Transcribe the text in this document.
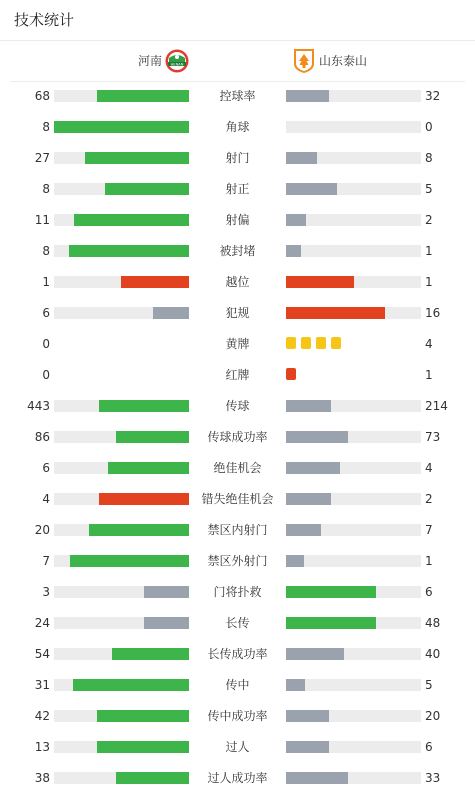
技术统计
河南 HENAN	山东泰山
68	控球率	32
8	角球	0
27	射门	8
8	射正	5
11	射偏	2
8	被封堵	1
1	越位	1
6	犯规	16
0	黄牌	4
0	红牌	1
443	传球	214
86	传球成功率	73
6	绝佳机会	4
4	错失绝佳机会	2
20	禁区内射门	7
7	禁区外射门	1
3	门将扑救	6
24	长传	48
54	长传成功率	40
31	传中	5
42	传中成功率	20
13	过人	6
38	过人成功率	33
